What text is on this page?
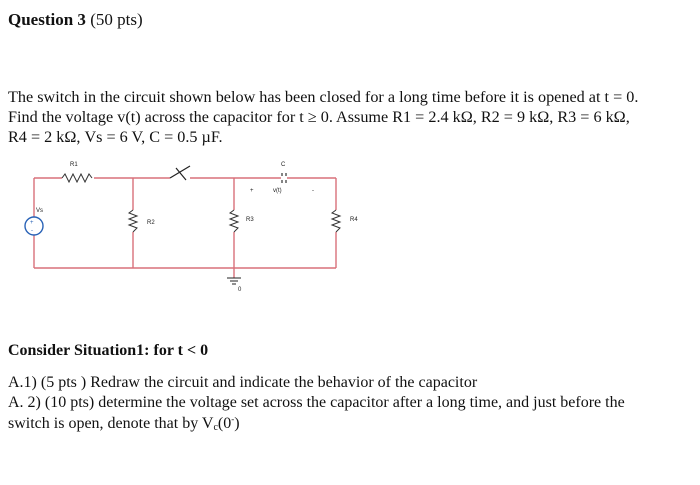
Question 3 (50 pts)
The switch in the circuit shown below has been closed for a long time before it is opened at t = 0.
Find the voltage v(t) across the capacitor for t ≥ 0. Assume R1 = 2.4 kΩ, R2 = 9 kΩ, R3 = 6 kΩ,
R4 = 2 kΩ, Vs = 6 V, C = 0.5 µF.
+
-
Vs
R1
R2	R3	R4
C
v(t)
+	-
0
Consider Situation1: for t < 0
A.1) (5 pts ) Redraw the circuit and indicate the behavior of the capacitor
A. 2) (10 pts) determine the voltage set across the capacitor after a long time, and just before the
switch is open, denote that by $V_c(0^-)$
